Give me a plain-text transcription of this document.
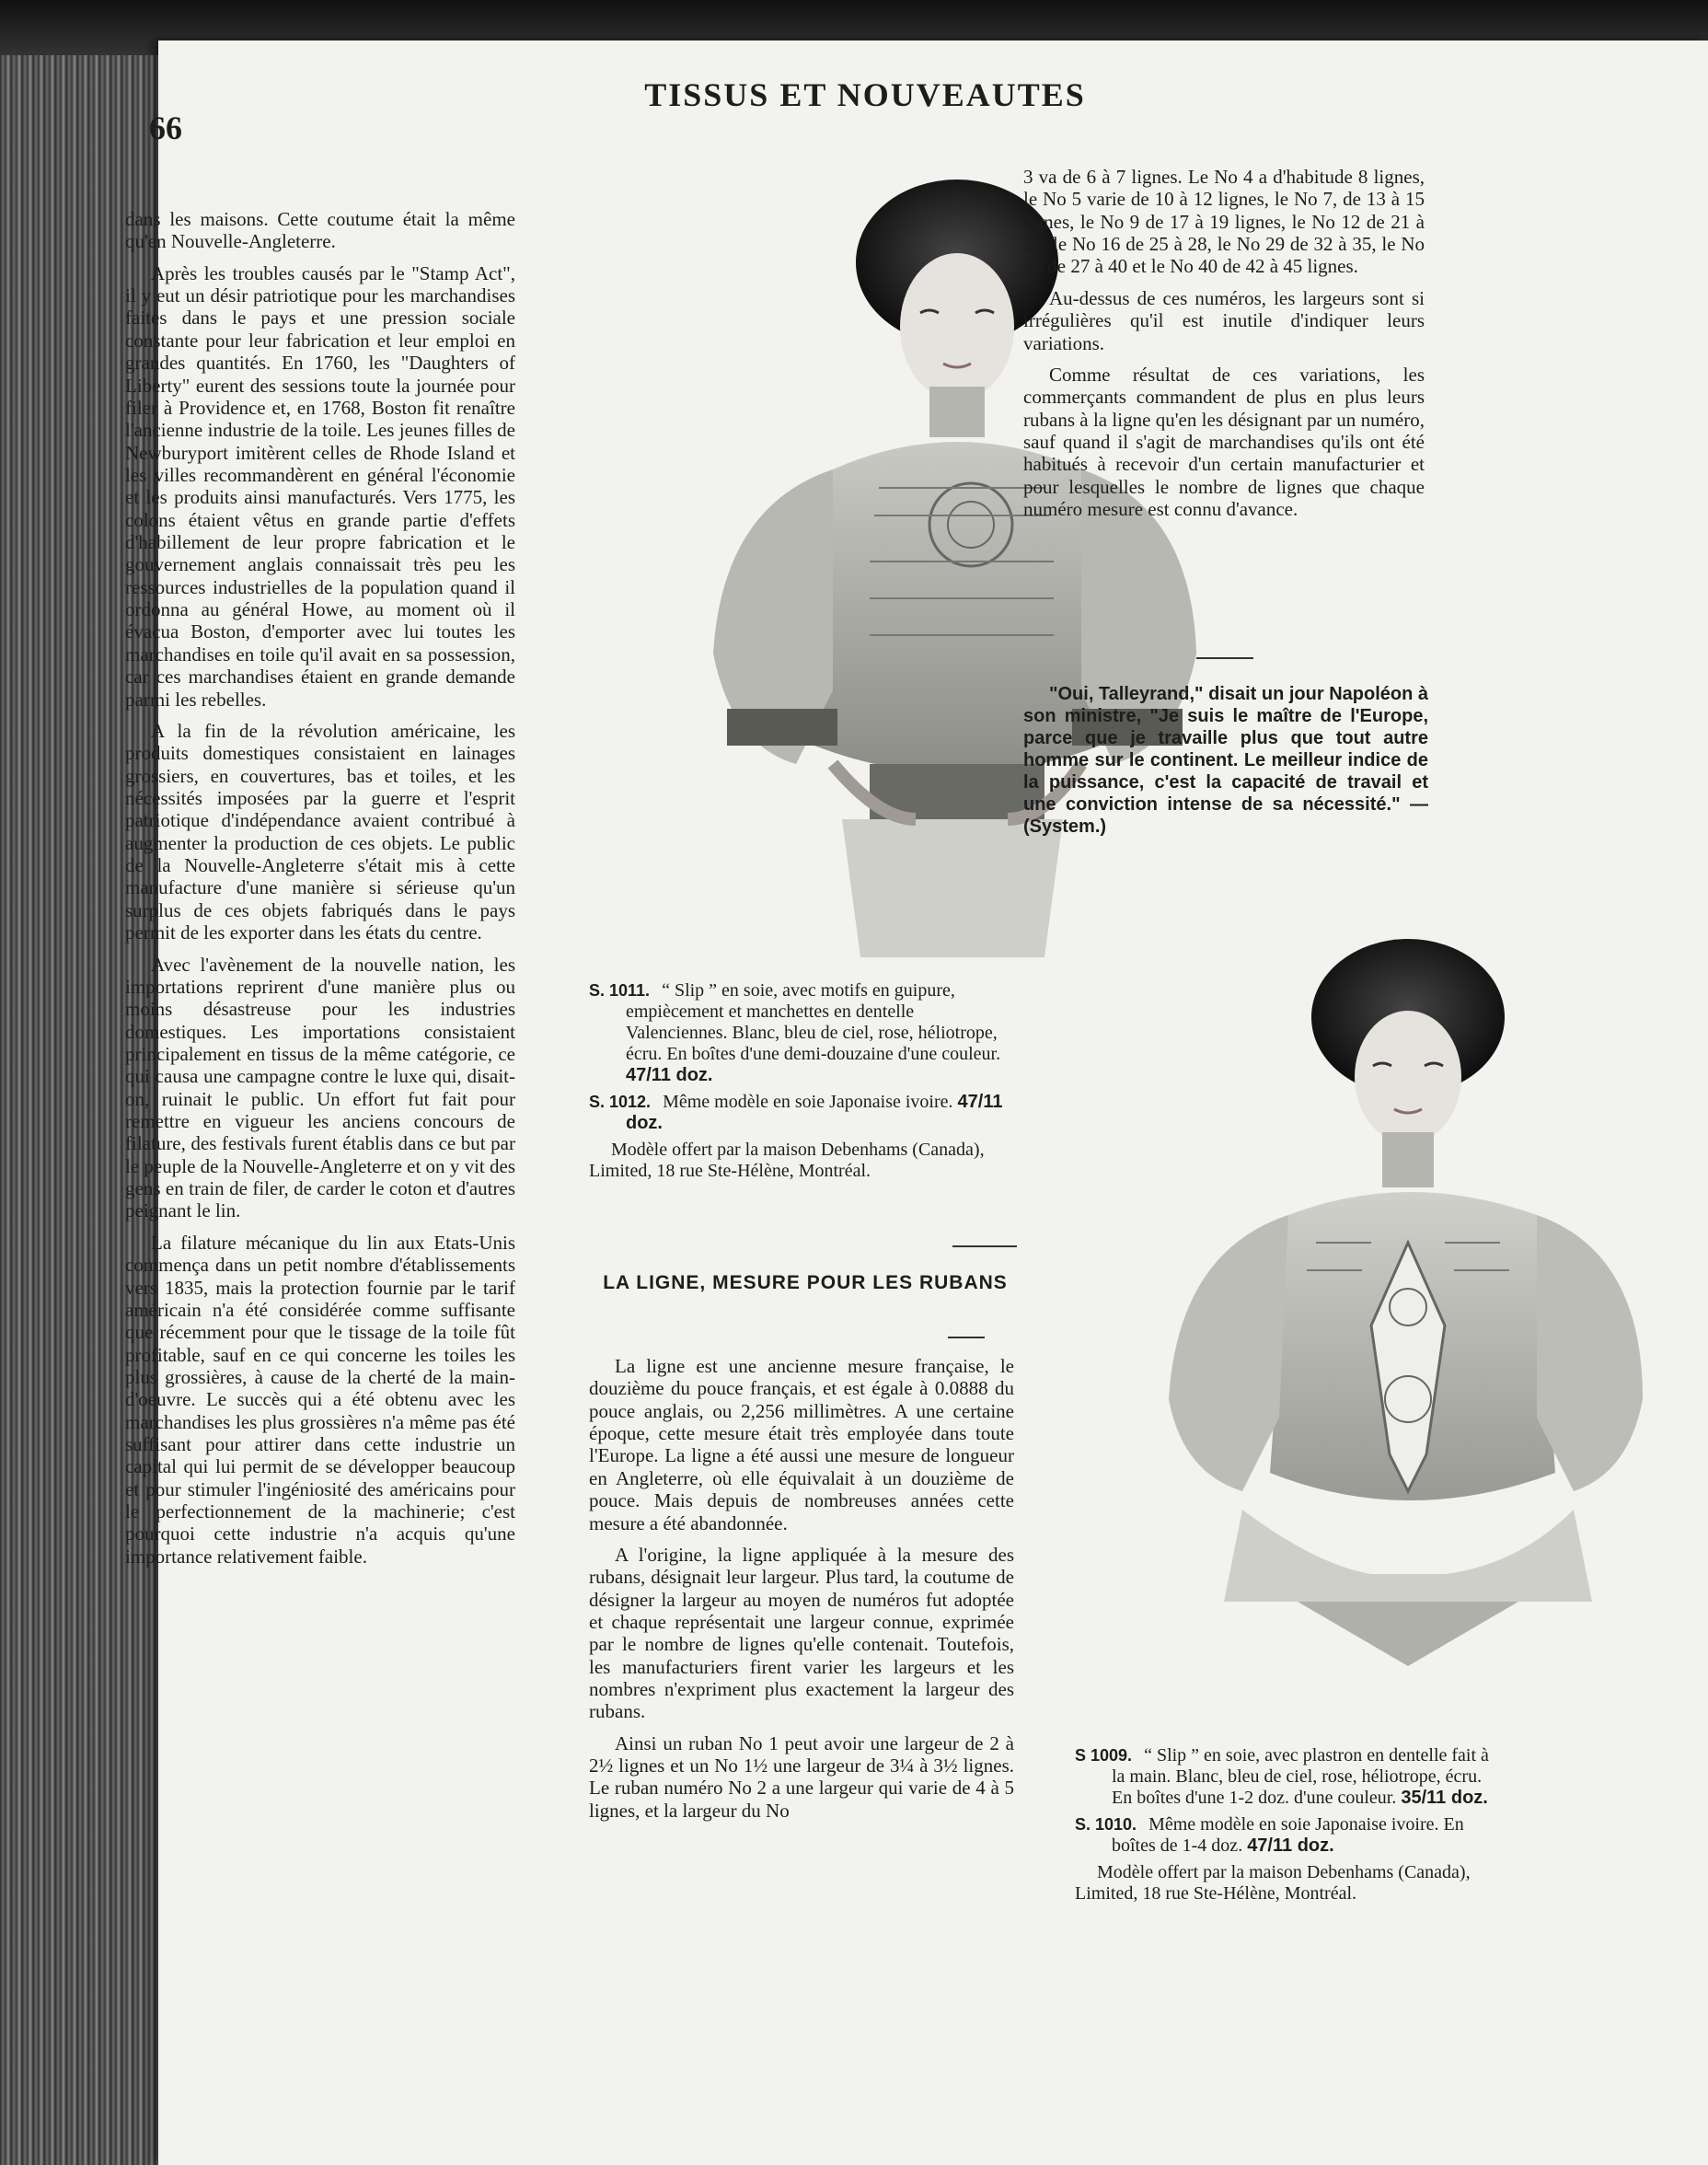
66
TISSUS ET NOUVEAUTES

dans les maisons. Cette coutume était la même qu'en Nouvelle-Angleterre.

Après les troubles causés par le "Stamp Act", il y eut un désir patriotique pour les marchandises faites dans le pays et une pression sociale constante pour leur fabrication et leur emploi en grandes quantités. En 1760, les "Daughters of Liberty" eurent des sessions toute la journée pour filer à Providence et, en 1768, Boston fit renaître l'ancienne industrie de la toile. Les jeunes filles de Newburyport imitèrent celles de Rhode Island et les villes recommandèrent en général l'économie et les produits ainsi manufacturés. Vers 1775, les colons étaient vêtus en grande partie d'effets d'habillement de leur propre fabrication et le gouvernement anglais connaissait très peu les ressources industrielles de la population quand il ordonna au général Howe, au moment où il évacua Boston, d'emporter avec lui toutes les marchandises en toile qu'il avait en sa possession, car ces marchandises étaient en grande demande parmi les rebelles.

A la fin de la révolution américaine, les produits domestiques consistaient en lainages grossiers, en couvertures, bas et toiles, et les nécessités imposées par la guerre et l'esprit patriotique d'indépendance avaient contribué à augmenter la production de ces objets. Le public de la Nouvelle-Angleterre s'était mis à cette manufacture d'une manière si sérieuse qu'un surplus de ces objets fabriqués dans le pays permit de les exporter dans les états du centre.

Avec l'avènement de la nouvelle nation, les importations reprirent d'une manière plus ou moins désastreuse pour les industries domestiques. Les importations consistaient principalement en tissus de la même catégorie, ce qui causa une campagne contre le luxe qui, disait-on, ruinait le public. Un effort fut fait pour remettre en vigueur les anciens concours de filature, des festivals furent établis dans ce but par le peuple de la Nouvelle-Angleterre et on y vit des gens en train de filer, de carder le coton et d'autres peignant le lin.

La filature mécanique du lin aux Etats-Unis commença dans un petit nombre d'établissements vers 1835, mais la protection fournie par le tarif américain n'a été considérée comme suffisante que récemment pour que le tissage de la toile fût profitable, sauf en ce qui concerne les toiles les plus grossières, à cause de la cherté de la main-d'oeuvre. Le succès qui a été obtenu avec les marchandises les plus grossières n'a même pas été suffisant pour attirer dans cette industrie un capital qui lui permit de se développer beaucoup et pour stimuler l'ingéniosité des américains pour le perfectionnement de la machinerie; c'est pourquoi cette industrie n'a acquis qu'une importance relativement faible.

S. 1011. “ Slip ” en soie, avec motifs en guipure, empiècement et manchettes en dentelle Valenciennes. Blanc, bleu de ciel, rose, héliotrope, écru. En boîtes d'une demi-douzaine d'une couleur. 47/11 doz.
S. 1012. Même modèle en soie Japonaise ivoire. 47/11 doz.

Modèle offert par la maison Debenhams (Canada), Limited, 18 rue Ste-Hélène, Montréal.

LA LIGNE, MESURE POUR LES RUBANS

La ligne est une ancienne mesure française, le douzième du pouce français, et est égale à 0.0888 du pouce anglais, ou 2,256 millimètres. A une certaine époque, cette mesure était très employée dans toute l'Europe. La ligne a été aussi une mesure de longueur en Angleterre, où elle équivalait à un douzième de pouce. Mais depuis de nombreuses années cette mesure a été abandonnée.

A l'origine, la ligne appliquée à la mesure des rubans, désignait leur largeur. Plus tard, la coutume de désigner la largeur au moyen de numéros fut adoptée et chaque représentait une largeur connue, exprimée par le nombre de lignes qu'elle contenait. Toutefois, les manufacturiers firent varier les largeurs et les nombres n'expriment plus exactement la largeur des rubans.

Ainsi un ruban No 1 peut avoir une largeur de 2 à 2½ lignes et un No 1½ une largeur de 3¼ à 3½ lignes. Le ruban numéro No 2 a une largeur qui varie de 4 à 5 lignes, et la largeur du No

3 va de 6 à 7 lignes. Le No 4 a d'habitude 8 lignes, le No 5 varie de 10 à 12 lignes, le No 7, de 13 à 15 lignes, le No 9 de 17 à 19 lignes, le No 12 de 21 à 24, le No 16 de 25 à 28, le No 29 de 32 à 35, le No 30 de 27 à 40 et le No 40 de 42 à 45 lignes.

Au-dessus de ces numéros, les largeurs sont si irrégulières qu'il est inutile d'indiquer leurs variations.

Comme résultat de ces variations, les commerçants commandent de plus en plus leurs rubans à la ligne qu'en les désignant par un numéro, sauf quand il s'agit de marchandises qu'ils ont été habitués à recevoir d'un certain manufacturier et pour lesquelles le nombre de lignes que chaque numéro mesure est connu d'avance.

"Oui, Talleyrand," disait un jour Napoléon à son ministre, "Je suis le maître de l'Europe, parce que je travaille plus que tout autre homme sur le continent. Le meilleur indice de la puissance, c'est la capacité de travail et une conviction intense de sa nécessité." — (System.)

S 1009. “ Slip ” en soie, avec plastron en dentelle fait à la main. Blanc, bleu de ciel, rose, héliotrope, écru. En boîtes d'une 1-2 doz. d'une couleur. 35/11 doz.
S. 1010. Même modèle en soie Japonaise ivoire. En boîtes de 1-4 doz. 47/11 doz.

Modèle offert par la maison Debenhams (Canada), Limited, 18 rue Ste-Hélène, Montréal.
